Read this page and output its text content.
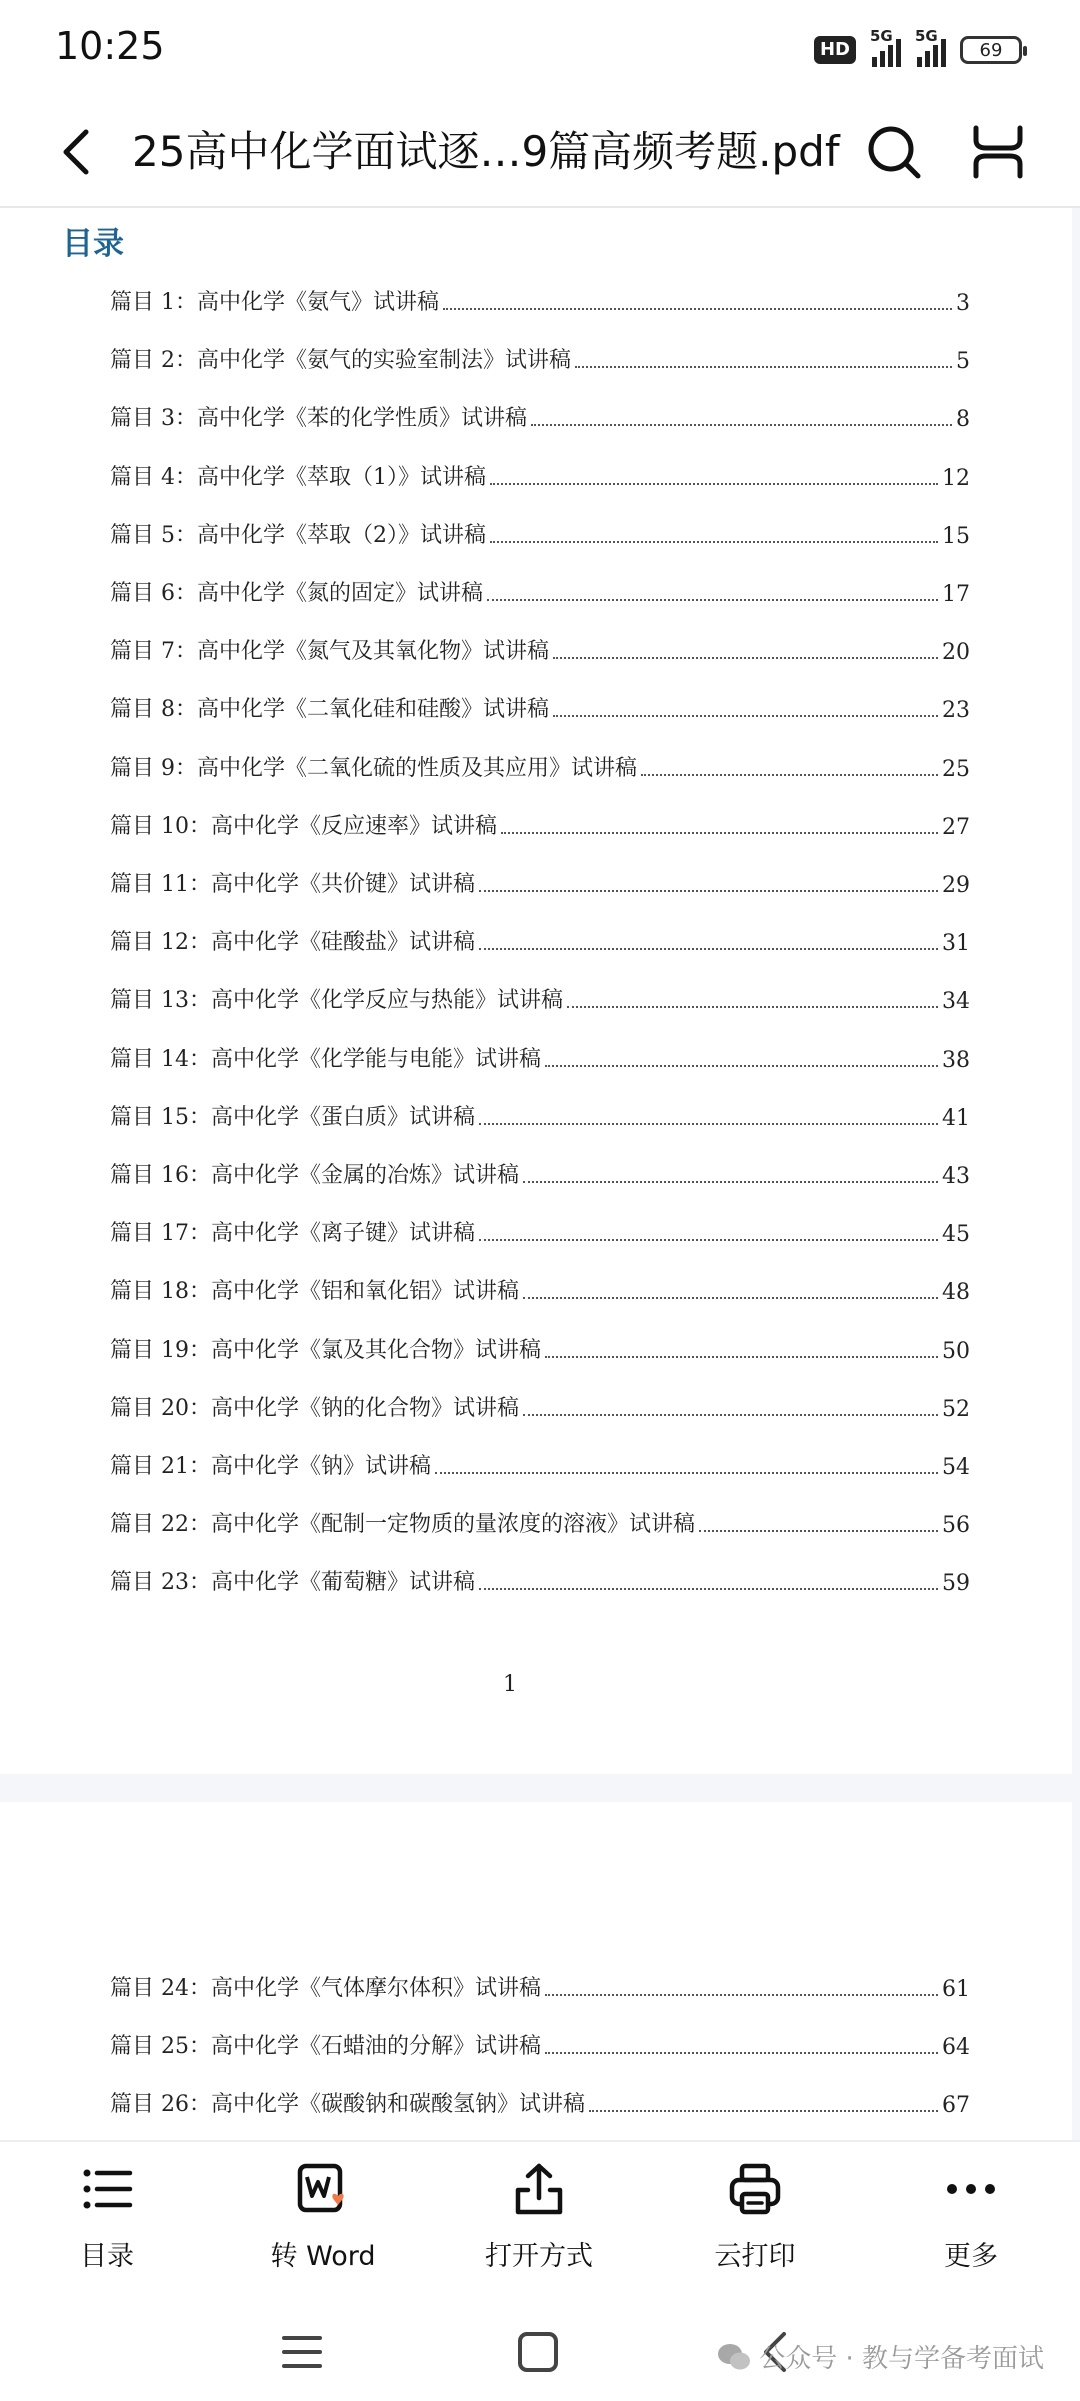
10:25	HD
5G 5G
69
25高中化学面试逐…9篇高频考题.pdf
目录
篇目 1：高中化学《氨气》试讲稿	3
篇目 2：高中化学《氨气的实验室制法》试讲稿	5
篇目 3：高中化学《苯的化学性质》试讲稿	8
篇目 4：高中化学《萃取（1）》试讲稿	12
篇目 5：高中化学《萃取（2）》试讲稿	15
篇目 6：高中化学《氮的固定》试讲稿	17
篇目 7：高中化学《氮气及其氧化物》试讲稿	20
篇目 8：高中化学《二氧化硅和硅酸》试讲稿	23
篇目 9：高中化学《二氧化硫的性质及其应用》试讲稿	25
篇目 10：高中化学《反应速率》试讲稿	27
篇目 11：高中化学《共价键》试讲稿	29
篇目 12：高中化学《硅酸盐》试讲稿	31
篇目 13：高中化学《化学反应与热能》试讲稿	34
篇目 14：高中化学《化学能与电能》试讲稿	38
篇目 15：高中化学《蛋白质》试讲稿	41
篇目 16：高中化学《金属的冶炼》试讲稿	43
篇目 17：高中化学《离子键》试讲稿	45
篇目 18：高中化学《铝和氧化铝》试讲稿	48
篇目 19：高中化学《氯及其化合物》试讲稿	50
篇目 20：高中化学《钠的化合物》试讲稿	52
篇目 21：高中化学《钠》试讲稿	54
篇目 22：高中化学《配制一定物质的量浓度的溶液》试讲稿	56
篇目 23：高中化学《葡萄糖》试讲稿	59
1
篇目 24：高中化学《气体摩尔体积》试讲稿	61
篇目 25：高中化学《石蜡油的分解》试讲稿	64
篇目 26：高中化学《碳酸钠和碳酸氢钠》试讲稿	67
目录	转 Word	打开方式	云打印	更多
公众号 · 教与学备考面试
